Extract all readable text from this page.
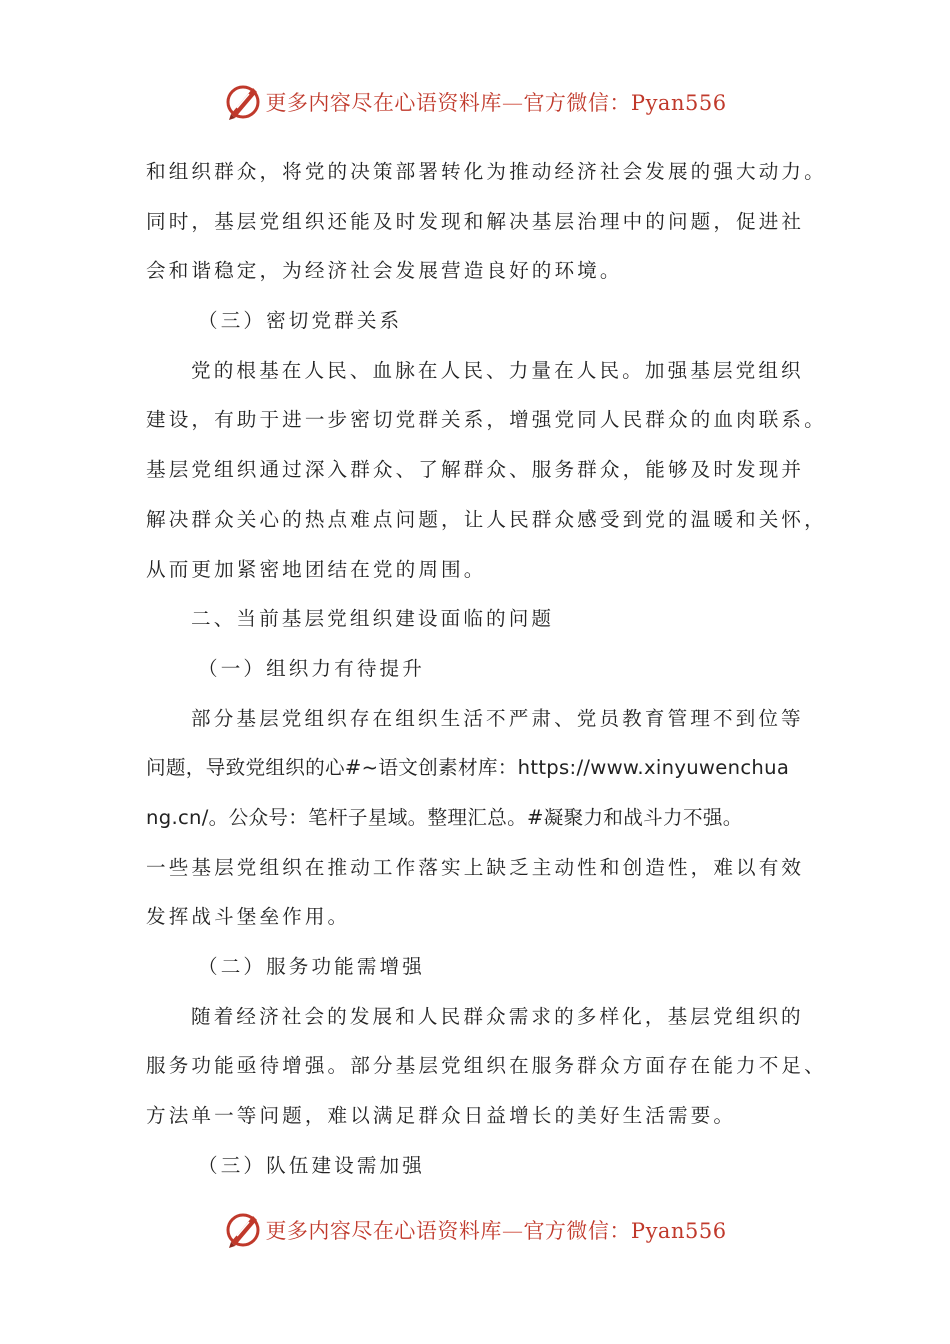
更多内容尽在心语资料库—官方微信：Pyan556
和组织群众，将党的决策部署转化为推动经济社会发展的强大动力。
同时，基层党组织还能及时发现和解决基层治理中的问题，促进社
会和谐稳定，为经济社会发展营造良好的环境。
（三）密切党群关系
党的根基在人民、血脉在人民、力量在人民。加强基层党组织
建设，有助于进一步密切党群关系，增强党同人民群众的血肉联系。
基层党组织通过深入群众、了解群众、服务群众，能够及时发现并
解决群众关心的热点难点问题，让人民群众感受到党的温暖和关怀，
从而更加紧密地团结在党的周围。
二、当前基层党组织建设面临的问题
（一）组织力有待提升
部分基层党组织存在组织生活不严肃、党员教育管理不到位等
问题，导致党组织的心#~语文创素材库：https://www.xinyuwenchua
ng.cn/。公众号：笔杆子星域。整理汇总。#凝聚力和战斗力不强。
一些基层党组织在推动工作落实上缺乏主动性和创造性，难以有效
发挥战斗堡垒作用。
（二）服务功能需增强
随着经济社会的发展和人民群众需求的多样化，基层党组织的
服务功能亟待增强。部分基层党组织在服务群众方面存在能力不足、
方法单一等问题，难以满足群众日益增长的美好生活需要。
（三）队伍建设需加强
更多内容尽在心语资料库—官方微信：Pyan556
